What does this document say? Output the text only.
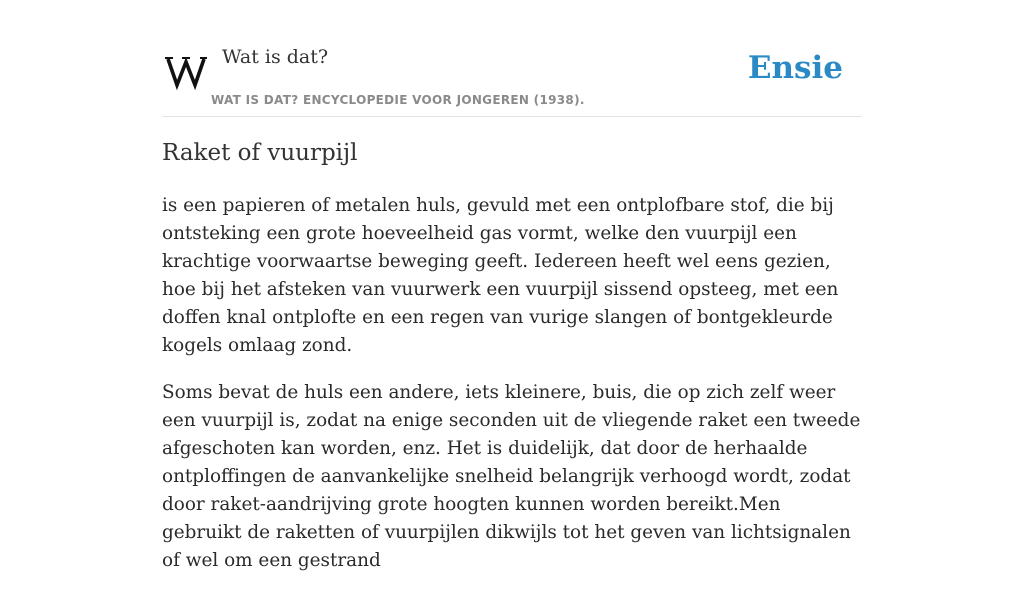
Wat is dat?
WAT IS DAT? ENCYCLOPEDIE VOOR JONGEREN (1938).
Ensie
Raket of vuurpijl

is een papieren of metalen huls, gevuld met een ontplofbare stof, die bij ontsteking een grote hoeveelheid gas vormt, welke den vuurpijl een krachtige voorwaartse beweging geeft. Iedereen heeft wel eens gezien, hoe bij het afsteken van vuurwerk een vuurpijl sissend opsteeg, met een doffen knal ontplofte en een regen van vurige slangen of bontgekleurde kogels omlaag zond.

Soms bevat de huls een andere, iets kleinere, buis, die op zich zelf weer een vuurpijl is, zodat na enige seconden uit de vliegende raket een tweede afgeschoten kan worden, enz. Het is duidelijk, dat door de herhaalde ontploffingen de aanvankelijke snelheid belangrijk verhoogd wordt, zodat door raket-aandrijving grote hoogten kunnen worden bereikt.Men gebruikt de raketten of vuurpijlen dikwijls tot het geven van lichtsignalen of wel om een gestrand
